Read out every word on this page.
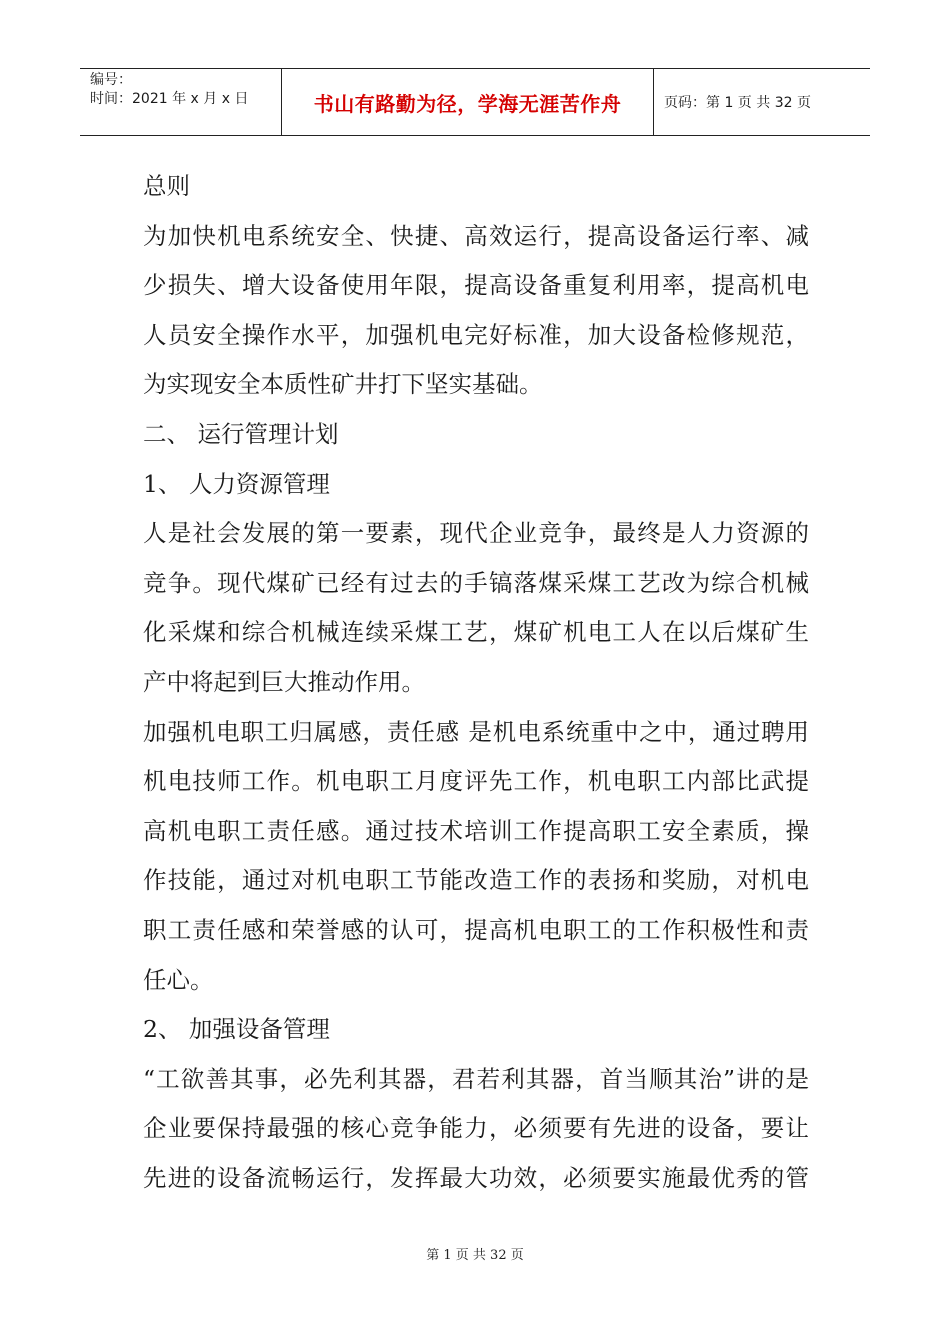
编号：
时间：2021 年 x 月 x 日	书山有路勤为径，学海无涯苦作舟	页码：第 1 页 共 32 页
总则
为加快机电系统安全、快捷、高效运行，提高设备运行率、减
少损失、增大设备使用年限，提高设备重复利用率，提高机电
人员安全操作水平，加强机电完好标准，加大设备检修规范，
为实现安全本质性矿井打下坚实基础。
二、 运行管理计划
1、 人力资源管理
人是社会发展的第一要素，现代企业竞争，最终是人力资源的
竞争。现代煤矿已经有过去的手镐落煤采煤工艺改为综合机械
化采煤和综合机械连续采煤工艺，煤矿机电工人在以后煤矿生
产中将起到巨大推动作用。
加强机电职工归属感，责任感 是机电系统重中之中，通过聘用
机电技师工作。机电职工月度评先工作，机电职工内部比武提
高机电职工责任感。通过技术培训工作提高职工安全素质，操
作技能，通过对机电职工节能改造工作的表扬和奖励，对机电
职工责任感和荣誉感的认可，提高机电职工的工作积极性和责
任心。
2、 加强设备管理
“工欲善其事，必先利其器，君若利其器，首当顺其治”讲的是
企业要保持最强的核心竞争能力，必须要有先进的设备，要让
先进的设备流畅运行，发挥最大功效，必须要实施最优秀的管
第 1 页 共 32 页
